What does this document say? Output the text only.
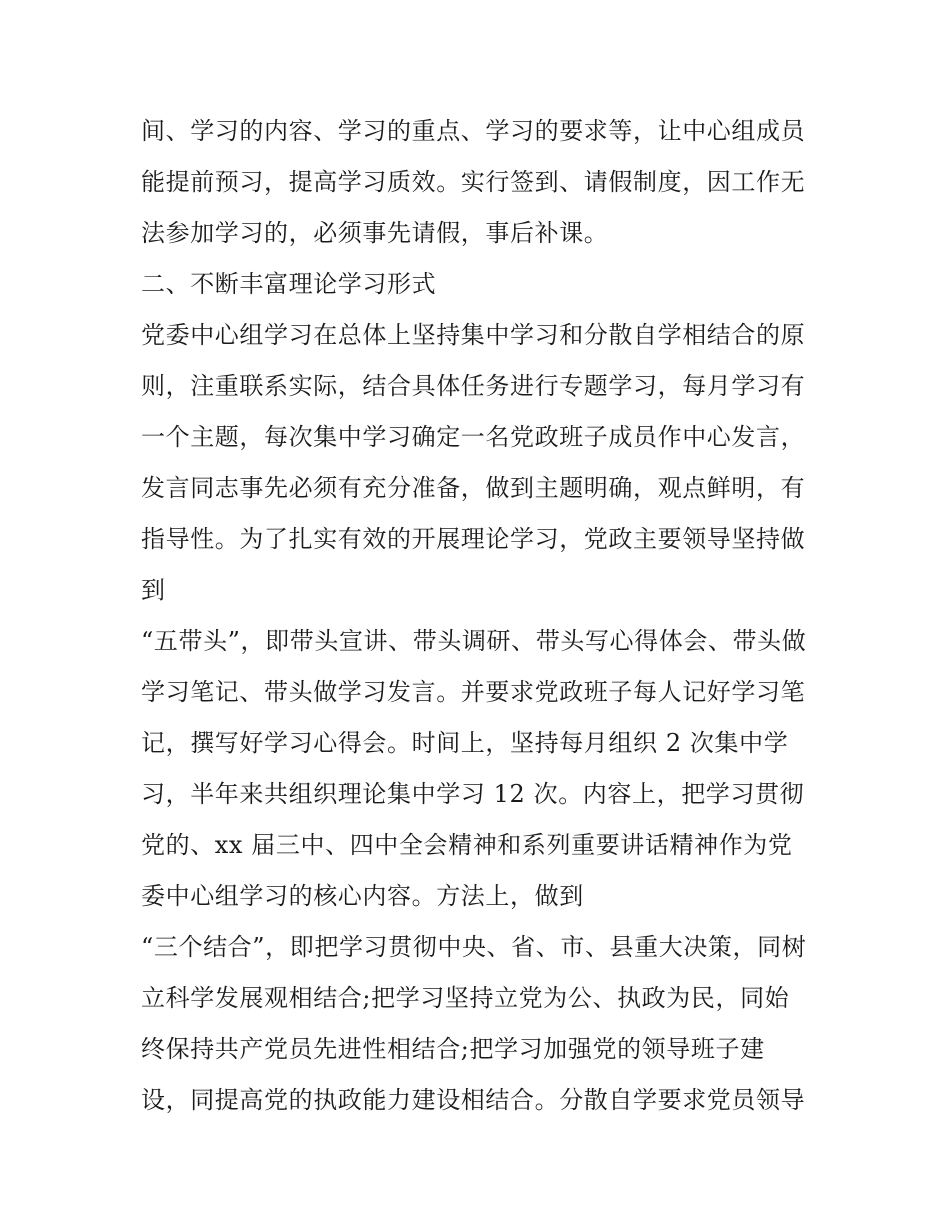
间、学习的内容、学习的重点、学习的要求等，让中心组成员
能提前预习，提高学习质效。实行签到、请假制度，因工作无
法参加学习的，必须事先请假，事后补课。
二、不断丰富理论学习形式
党委中心组学习在总体上坚持集中学习和分散自学相结合的原
则，注重联系实际，结合具体任务进行专题学习，每月学习有
一个主题，每次集中学习确定一名党政班子成员作中心发言，
发言同志事先必须有充分准备，做到主题明确，观点鲜明，有
指导性。为了扎实有效的开展理论学习，党政主要领导坚持做
到
“五带头”，即带头宣讲、带头调研、带头写心得体会、带头做
学习笔记、带头做学习发言。并要求党政班子每人记好学习笔
记，撰写好学习心得会。时间上，坚持每月组织 2 次集中学
习，半年来共组织理论集中学习 12 次。内容上，把学习贯彻
党的、xx 届三中、四中全会精神和系列重要讲话精神作为党
委中心组学习的核心内容。方法上，做到
“三个结合”，即把学习贯彻中央、省、市、县重大决策，同树
立科学发展观相结合;把学习坚持立党为公、执政为民，同始
终保持共产党员先进性相结合;把学习加强党的领导班子建
设，同提高党的执政能力建设相结合。分散自学要求党员领导
